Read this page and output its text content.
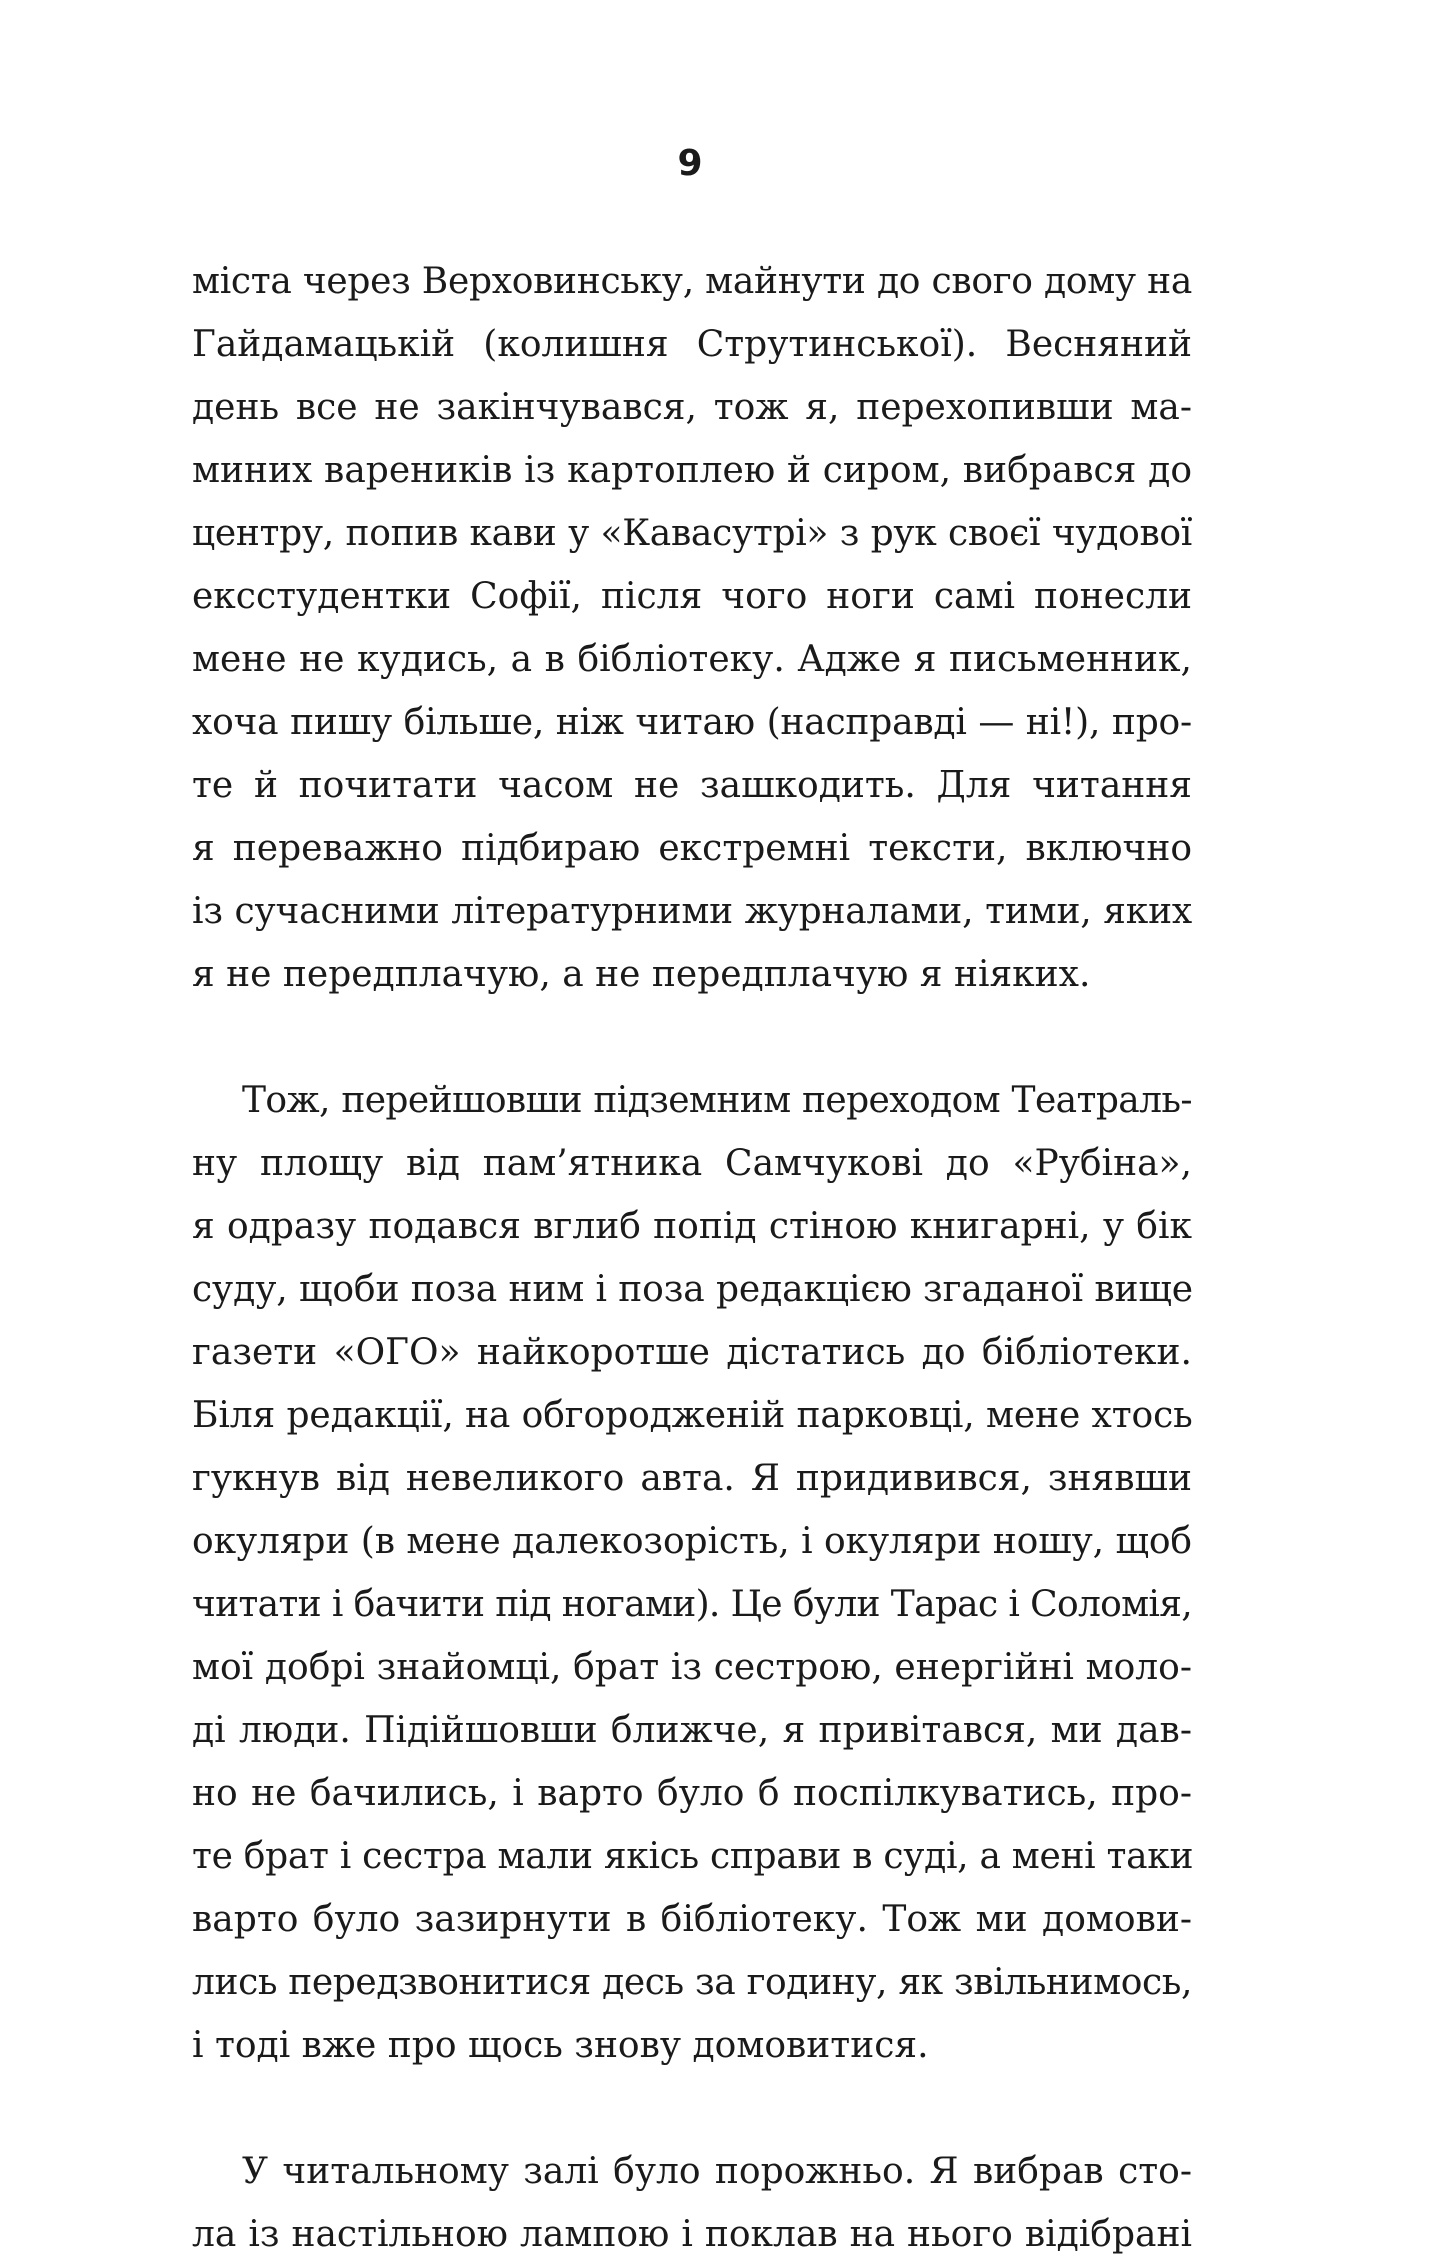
9
міста через Верховинську, майнути до свого дому на
Гайдамацькій (колишня Струтинської). Весняний
день все не закінчувався, тож я, перехопивши ма-
миних вареників із картоплею й сиром, вибрався до
центру, попив кави у «Кавасутрі» з рук своєї чудової
ексстудентки Софії, після чого ноги самі понесли
мене не кудись, а в бібліотеку. Адже я письменник,
хоча пишу більше, ніж читаю (насправді — ні!), про-
те й почитати часом не зашкодить. Для читання
я переважно підбираю екстремні тексти, включно
із сучасними літературними журналами, тими, яких
я не передплачую, а не передплачую я ніяких.
Тож, перейшовши підземним переходом Театраль-
ну площу від пам’ятника Самчукові до «Рубіна»,
я одразу подався вглиб попід стіною книгарні, у бік
суду, щоби поза ним і поза редакцією згаданої вище
газети «ОГО» найкоротше дістатись до бібліотеки.
Біля редакції, на обгородженій парковці, мене хтось
гукнув від невеликого авта. Я придивився, знявши
окуляри (в мене далекозорість, і окуляри ношу, щоб
читати і бачити під ногами). Це були Тарас і Соломія,
мої добрі знайомці, брат із сестрою, енергійні моло-
ді люди. Підійшовши ближче, я привітався, ми дав-
но не бачились, і варто було б поспілкуватись, про-
те брат і сестра мали якісь справи в суді, а мені таки
варто було зазирнути в бібліотеку. Тож ми домови-
лись передзвонитися десь за годину, як звільнимось,
і тоді вже про щось знову домовитися.
У читальному залі було порожньо. Я вибрав сто-
ла із настільною лампою і поклав на нього відібрані
